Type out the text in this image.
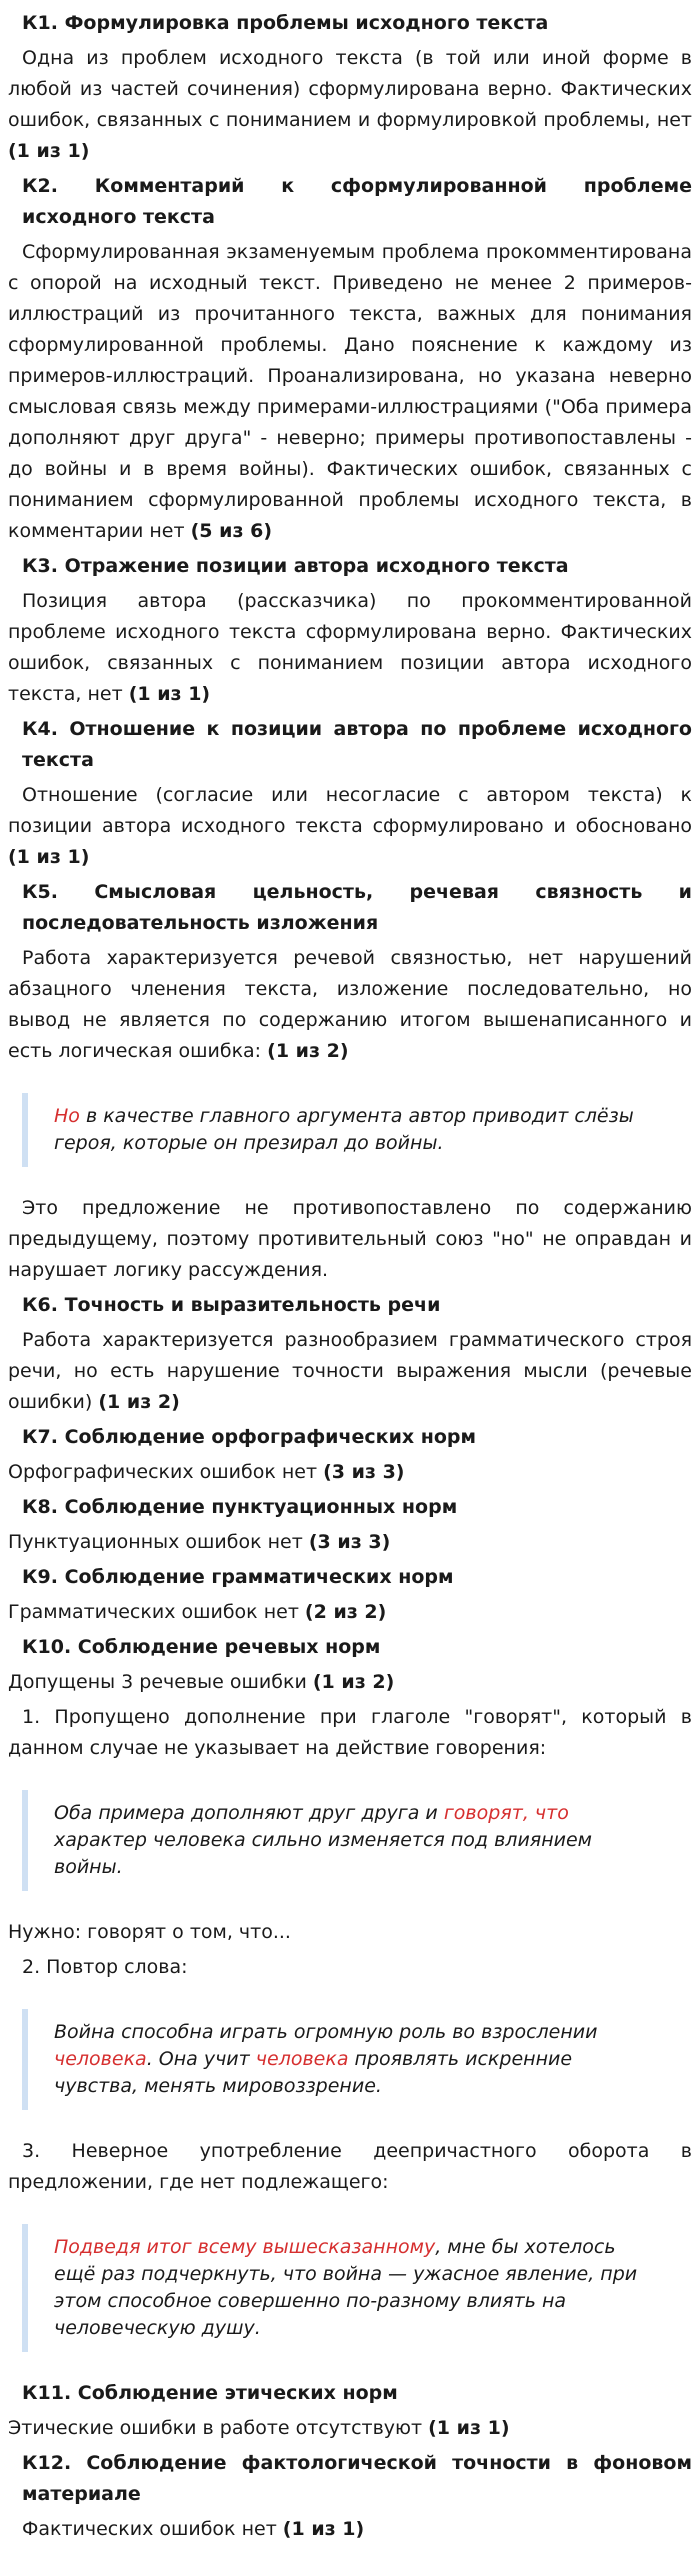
К1. Формулировка проблемы исходного текста

Одна из проблем исходного текста (в той или иной форме в любой из частей сочинения) сформулирована верно. Фактических ошибок, связанных с пониманием и формулировкой проблемы, нет (1 из 1)

К2. Комментарий к сформулированной проблеме исходного текста

Сформулированная экзаменуемым проблема прокомментирована с опорой на исходный текст. Приведено не менее 2 примеров-иллюстраций из прочитанного текста, важных для понимания сформулированной проблемы. Дано пояснение к каждому из примеров-иллюстраций. Проанализирована, но указана неверно смысловая связь между примерами-иллюстрациями ("Оба примера дополняют друг друга" - неверно; примеры противопоставлены - до войны и в время войны). Фактических ошибок, связанных с пониманием сформулированной проблемы исходного текста, в комментарии нет (5 из 6)

К3. Отражение позиции автора исходного текста

Позиция автора (рассказчика) по прокомментированной проблеме исходного текста сформулирована верно. Фактических ошибок, связанных с пониманием позиции автора исходного текста, нет (1 из 1)

К4. Отношение к позиции автора по проблеме исходного текста

Отношение (согласие или несогласие с автором текста) к позиции автора исходного текста сформулировано и обосновано (1 из 1)

К5. Смысловая цельность, речевая связность и последовательность изложения

Работа характеризуется речевой связностью, нет нарушений абзацного членения текста, изложение последовательно, но вывод не является по содержанию итогом вышенаписанного и есть логическая ошибка: (1 из 2)

Но в качестве главного аргумента автор приводит слёзы героя, которые он презирал до войны.

Это предложение не противопоставлено по содержанию предыдущему, поэтому противительный союз "но" не оправдан и нарушает логику рассуждения.

К6. Точность и выразительность речи

Работа характеризуется разнообразием грамматического строя речи, но есть нарушение точности выражения мысли (речевые ошибки) (1 из 2)

К7. Соблюдение орфографических норм

Орфографических ошибок нет (3 из 3)

К8. Соблюдение пунктуационных норм

Пунктуационных ошибок нет (3 из 3)

К9. Соблюдение грамматических норм

Грамматических ошибок нет (2 из 2)

К10. Соблюдение речевых норм

Допущены 3 речевые ошибки (1 из 2)

1. Пропущено дополнение при глаголе "говорят", который в данном случае не указывает на действие говорения:

Оба примера дополняют друг друга и говорят, что характер человека сильно изменяется под влиянием войны.

Нужно: говорят о том, что...

2. Повтор слова:

Война способна играть огромную роль во взрослении человека. Она учит человека проявлять искренние чувства, менять мировоззрение.

3. Неверное употребление деепричастного оборота в предложении, где нет подлежащего:

Подведя итог всему вышесказанному, мне бы хотелось ещё раз подчеркнуть, что война — ужасное явление, при этом способное совершенно по-разному влиять на человеческую душу.
К11. Соблюдение этических норм

Этические ошибки в работе отсутствуют (1 из 1)

К12. Соблюдение фактологической точности в фоновом материале

Фактических ошибок нет (1 из 1)
